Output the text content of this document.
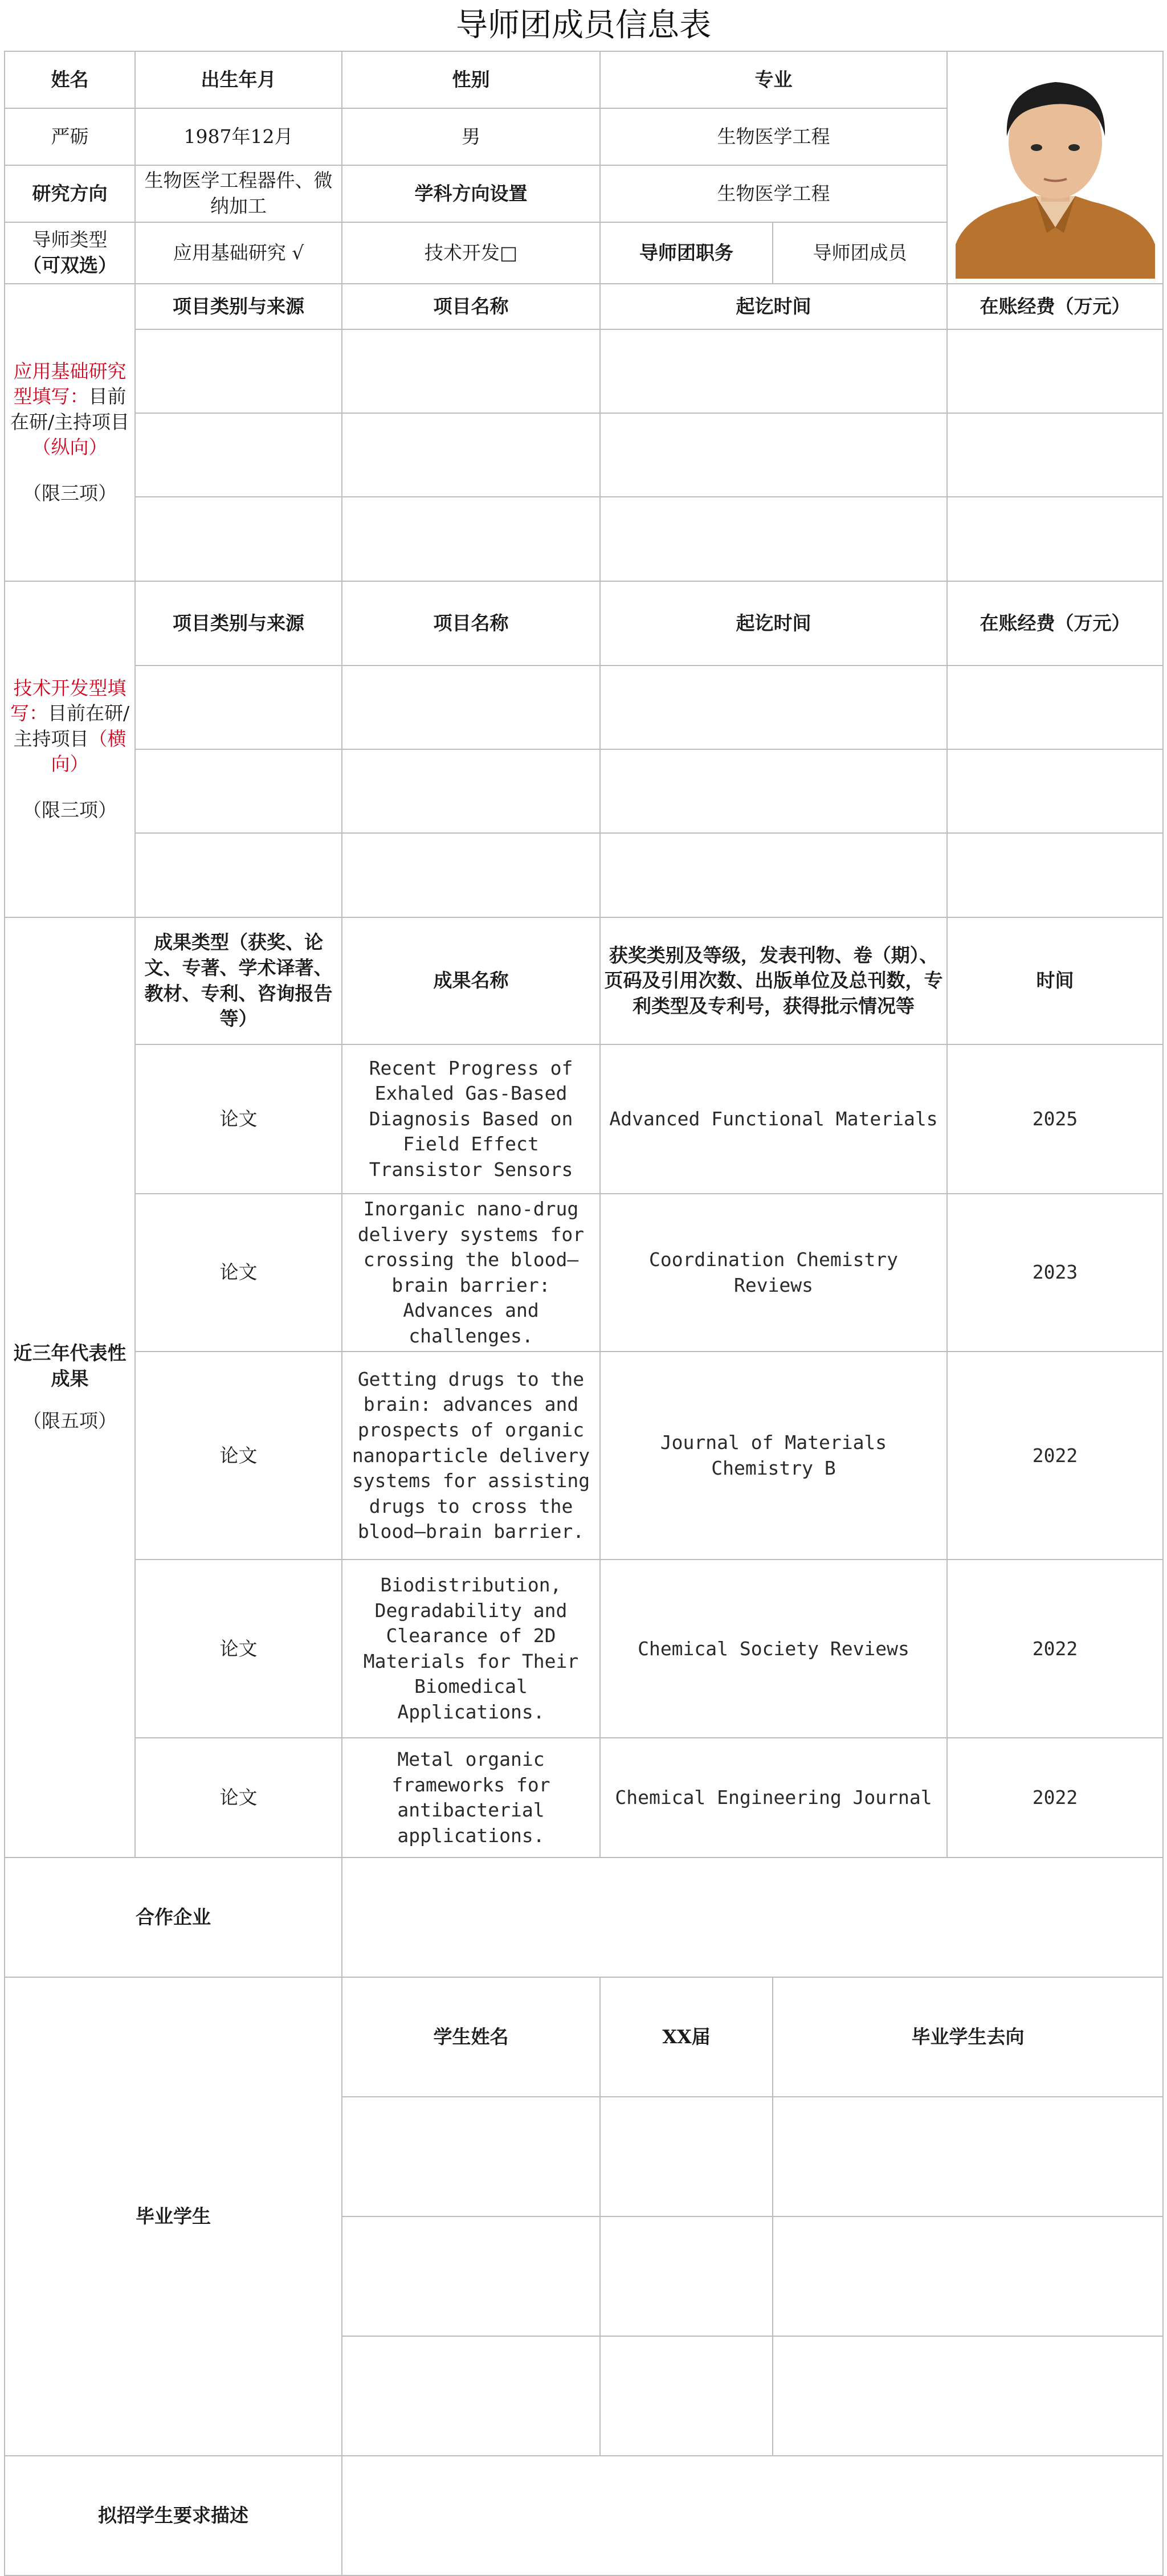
导师团成员信息表
姓名	出生年月	性别	专业	

严砺	1987年12月	男	生物医学工程		
研究方向	生物医学工程器件、微纳加工	学科方向设置	生物医学工程		

导师类型
（可双选）	应用基础研究 √	技术开发□	导师团职务	导师团成员	
应用基础研究型填写：目前在研/主持项目（纵向）
（限三项）	项目类别与来源	项目名称	起讫时间		在账经费（万元）

技术开发型填写：目前在研/主持项目（横向）
（限三项）	项目类别与来源	项目名称	起讫时间		在账经费（万元）

近三年代表性成果
（限五项）	成果类型（获奖、论文、专著、学术译著、教材、专利、咨询报告等）	成果名称	获奖类别及等级，发表刊物、卷（期）、页码及引用次数、出版单位及总刊数，专利类型及专利号，获得批示情况等		时间
	论文	Recent Progress of Exhaled Gas-Based Diagnosis Based on Field Effect Transistor Sensors	Advanced Functional Materials		2025
	论文	Inorganic nano-drug delivery systems for crossing the blood–brain barrier: Advances and challenges.	Coordination Chemistry Reviews		2023
	论文	Getting drugs to the brain: advances and prospects of organic nanoparticle delivery systems for assisting drugs to cross the blood–brain barrier.	Journal of Materials Chemistry B		2022
	论文	Biodistribution, Degradability and Clearance of 2D Materials for Their Biomedical Applications.	Chemical Society Reviews		2022
	论文	Metal organic frameworks for antibacterial applications.	Chemical Engineering Journal		2022
合作企业					
毕业学生		学生姓名	XX届	毕业学生去向	

拟招学生要求描述					
